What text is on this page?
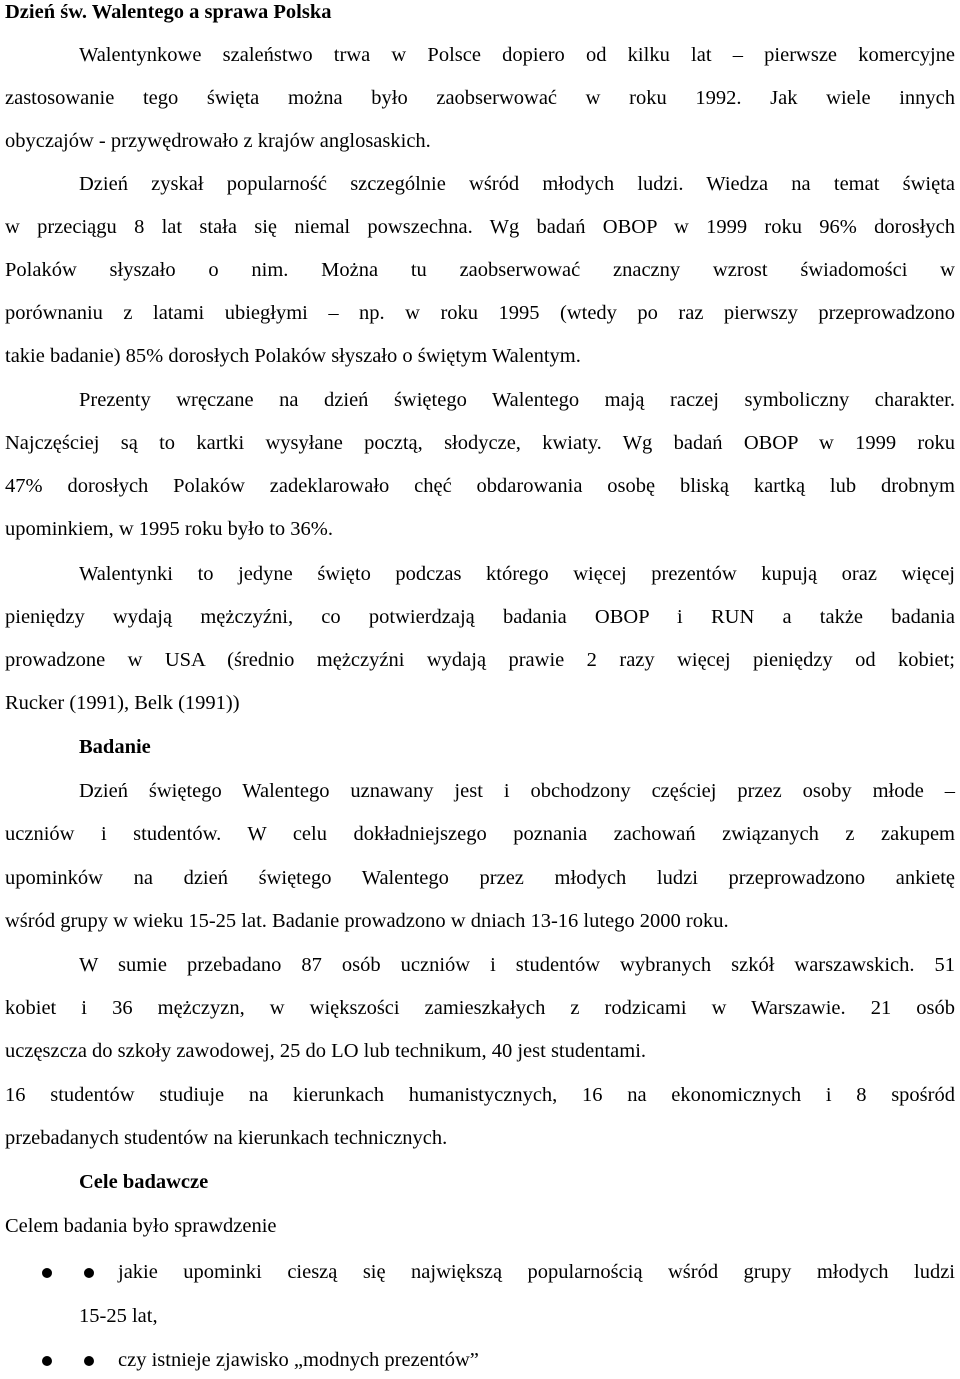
Dzień św. Walentego a sprawa Polska
Walentynkowe szaleństwo trwa w Polsce dopiero od kilku lat – pierwsze komercyjne
zastosowanie tego święta można było zaobserwować w roku 1992. Jak wiele innych
obyczajów - przywędrowało z krajów anglosaskich.
Dzień zyskał popularność szczególnie wśród młodych ludzi. Wiedza na temat święta
w przeciągu 8 lat stała się niemal powszechna. Wg badań OBOP w 1999 roku 96% dorosłych
Polaków słyszało o nim. Można tu zaobserwować znaczny wzrost świadomości w
porównaniu z latami ubiegłymi – np. w roku 1995 (wtedy po raz pierwszy przeprowadzono
takie badanie) 85% dorosłych Polaków słyszało o świętym Walentym.
Prezenty wręczane na dzień świętego Walentego mają raczej symboliczny charakter.
Najczęściej są to kartki wysyłane pocztą, słodycze, kwiaty. Wg badań OBOP w 1999 roku
47% dorosłych Polaków zadeklarowało chęć obdarowania osobę bliską kartką lub drobnym
upominkiem, w 1995 roku było to 36%.
Walentynki to jedyne święto podczas którego więcej prezentów kupują oraz więcej
pieniędzy wydają mężczyźni, co potwierdzają badania OBOP i RUN a także badania
prowadzone w USA (średnio mężczyźni wydają prawie 2 razy więcej pieniędzy od kobiet;
Rucker (1991), Belk (1991))
Badanie
Dzień świętego Walentego uznawany jest i obchodzony częściej przez osoby młode –
uczniów i studentów. W celu dokładniejszego poznania zachowań związanych z zakupem
upominków na dzień świętego Walentego przez młodych ludzi przeprowadzono ankietę
wśród grupy w wieku 15-25 lat. Badanie prowadzono w dniach 13-16 lutego 2000 roku.
W sumie przebadano 87 osób uczniów i studentów wybranych szkół warszawskich. 51
kobiet i 36 mężczyzn, w większości zamieszkałych z rodzicami w Warszawie. 21 osób
uczęszcza do szkoły zawodowej, 25 do LO lub technikum, 40 jest studentami.
16 studentów studiuje na kierunkach humanistycznych, 16 na ekonomicznych i 8 spośród
przebadanych studentów na kierunkach technicznych.
Cele badawcze
Celem badania było sprawdzenie
jakie upominki cieszą się największą popularnością wśród grupy młodych ludzi
15-25 lat,
czy istnieje zjawisko „modnych prezentów”
